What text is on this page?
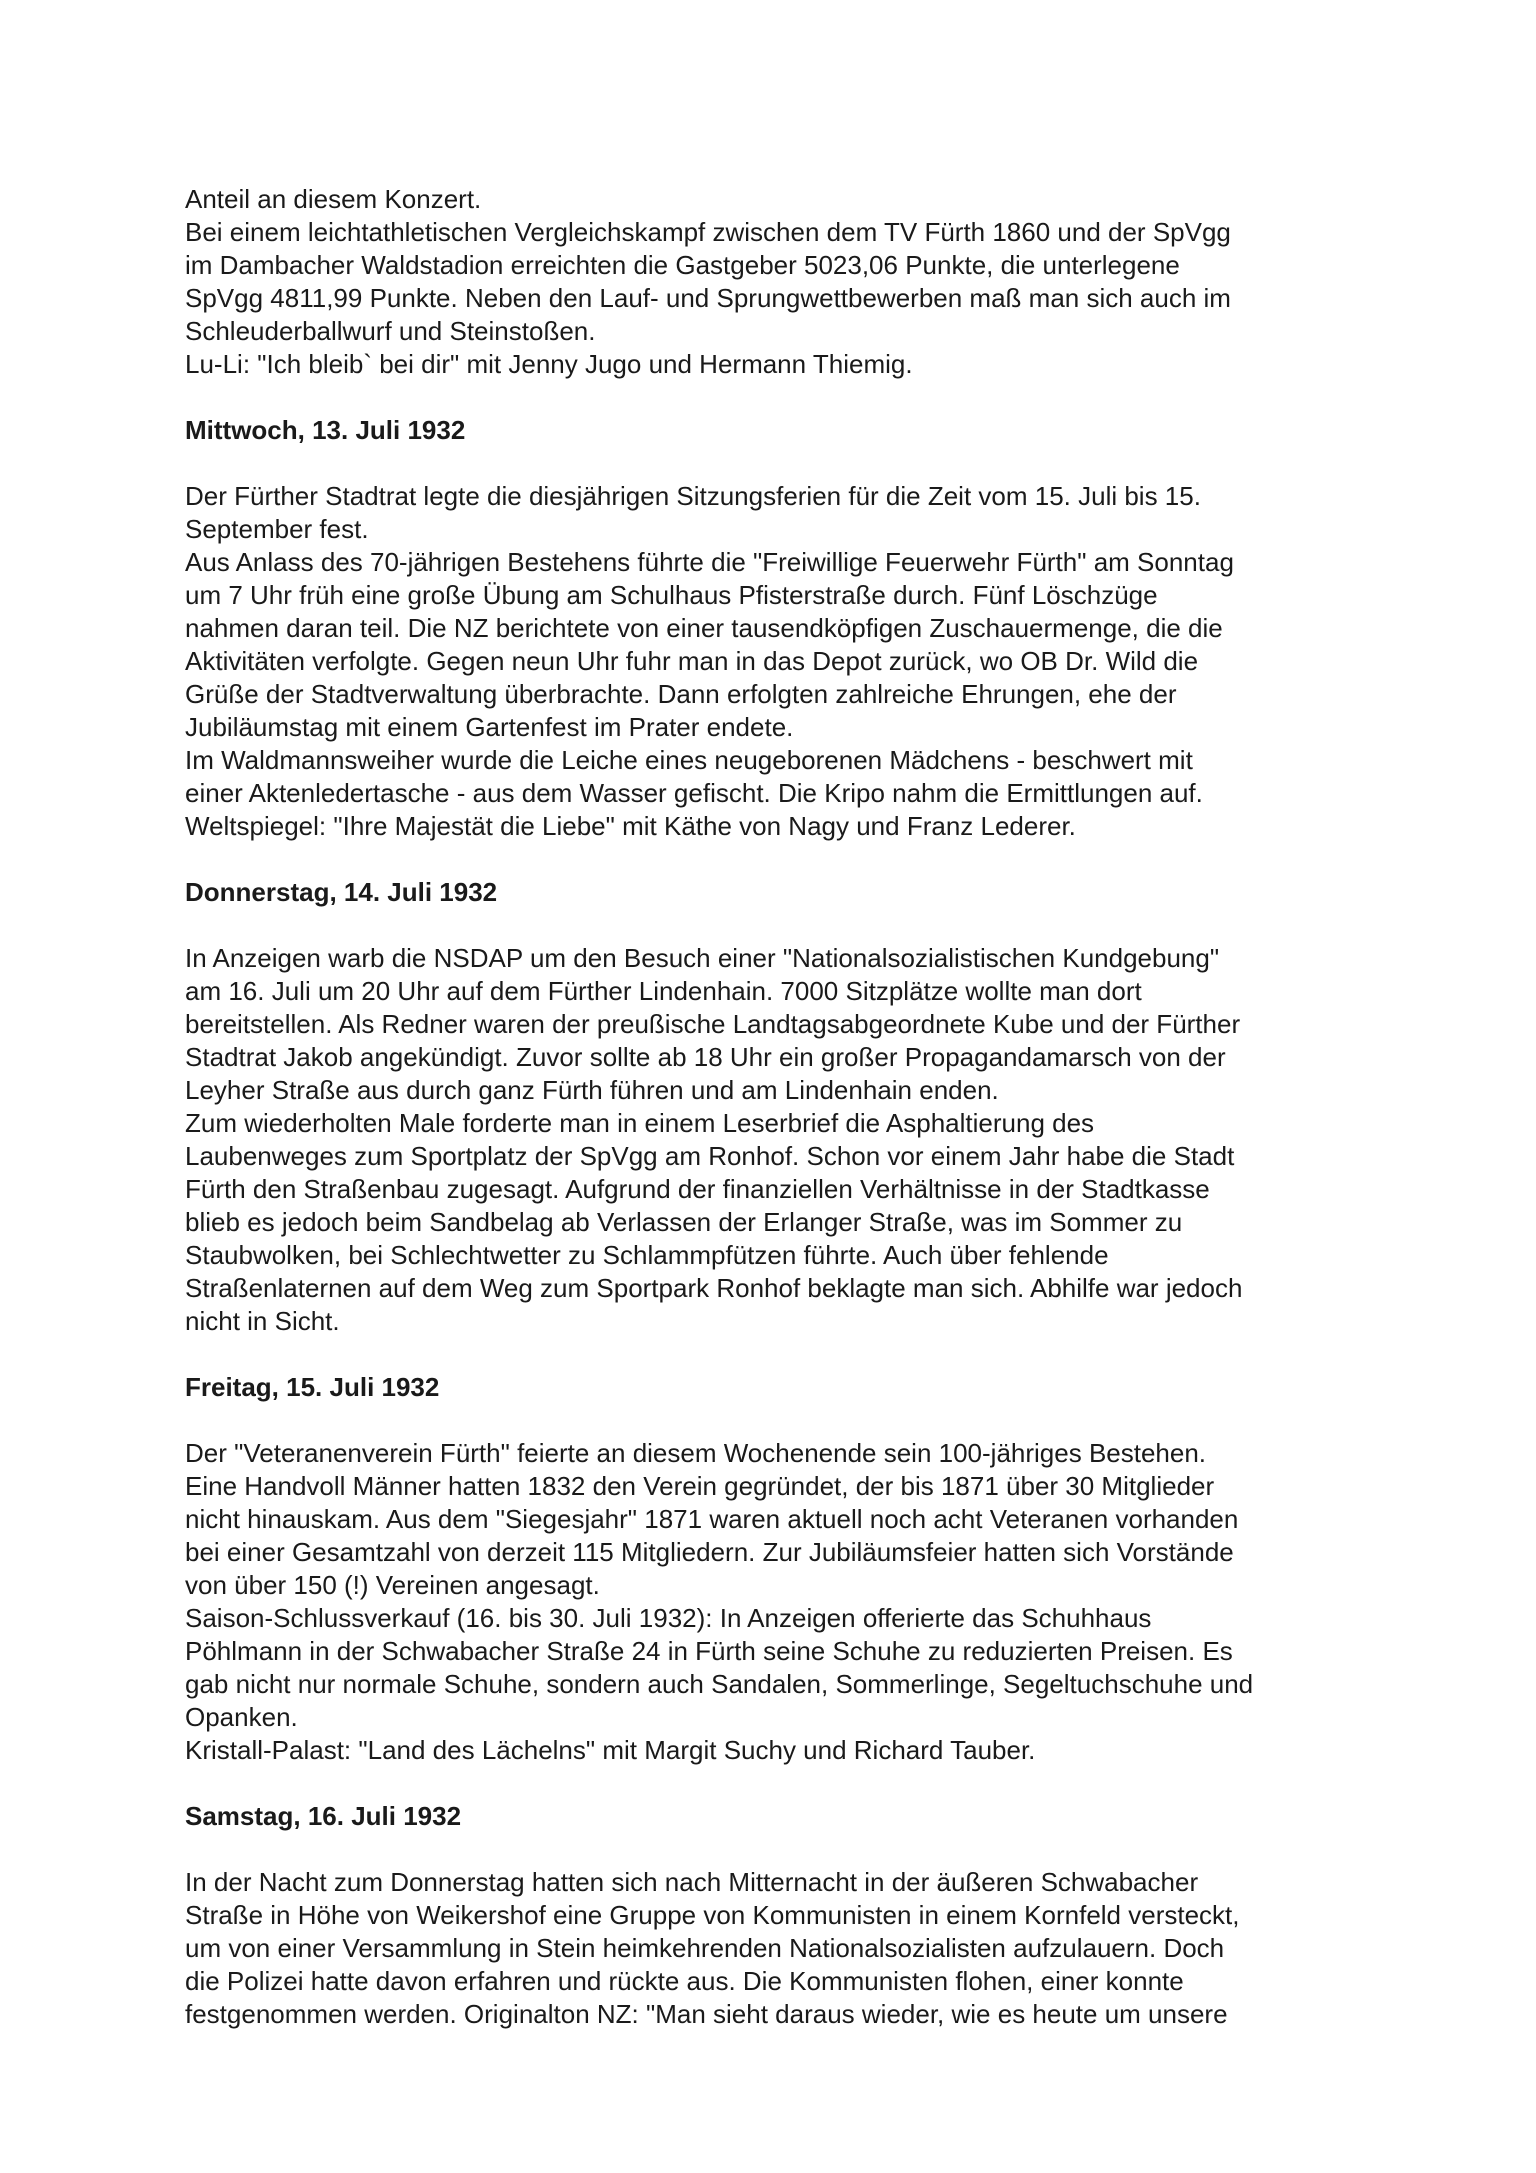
Anteil an diesem Konzert.
Bei einem leichtathletischen Vergleichskampf zwischen dem TV Fürth 1860 und der SpVgg
im Dambacher Waldstadion erreichten die Gastgeber 5023,06 Punkte, die unterlegene
SpVgg 4811,99 Punkte. Neben den Lauf- und Sprungwettbewerben maß man sich auch im
Schleuderballwurf und Steinstoßen.
Lu-Li: "Ich bleib` bei dir" mit Jenny Jugo und Hermann Thiemig.

Mittwoch, 13. Juli 1932

Der Fürther Stadtrat legte die diesjährigen Sitzungsferien für die Zeit vom 15. Juli bis 15.
September fest.
Aus Anlass des 70-jährigen Bestehens führte die "Freiwillige Feuerwehr Fürth" am Sonntag
um 7 Uhr früh eine große Übung am Schulhaus Pfisterstraße durch. Fünf Löschzüge
nahmen daran teil. Die NZ berichtete von einer tausendköpfigen Zuschauermenge, die die
Aktivitäten verfolgte. Gegen neun Uhr fuhr man in das Depot zurück, wo OB Dr. Wild die
Grüße der Stadtverwaltung überbrachte. Dann erfolgten zahlreiche Ehrungen, ehe der
Jubiläumstag mit einem Gartenfest im Prater endete.
Im Waldmannsweiher wurde die Leiche eines neugeborenen Mädchens - beschwert mit
einer Aktenledertasche - aus dem Wasser gefischt. Die Kripo nahm die Ermittlungen auf.
Weltspiegel: "Ihre Majestät die Liebe" mit Käthe von Nagy und Franz Lederer.

Donnerstag, 14. Juli 1932

In Anzeigen warb die NSDAP um den Besuch einer "Nationalsozialistischen Kundgebung"
am 16. Juli um 20 Uhr auf dem Fürther Lindenhain. 7000 Sitzplätze wollte man dort
bereitstellen. Als Redner waren der preußische Landtagsabgeordnete Kube und der Fürther
Stadtrat Jakob angekündigt. Zuvor sollte ab 18 Uhr ein großer Propagandamarsch von der
Leyher Straße aus durch ganz Fürth führen und am Lindenhain enden.
Zum wiederholten Male forderte man in einem Leserbrief die Asphaltierung des
Laubenweges zum Sportplatz der SpVgg am Ronhof. Schon vor einem Jahr habe die Stadt
Fürth den Straßenbau zugesagt. Aufgrund der finanziellen Verhältnisse in der Stadtkasse
blieb es jedoch beim Sandbelag ab Verlassen der Erlanger Straße, was im Sommer zu
Staubwolken, bei Schlechtwetter zu Schlammpfützen führte. Auch über fehlende
Straßenlaternen auf dem Weg zum Sportpark Ronhof beklagte man sich. Abhilfe war jedoch
nicht in Sicht.

Freitag, 15. Juli 1932

Der "Veteranenverein Fürth" feierte an diesem Wochenende sein 100-jähriges Bestehen.
Eine Handvoll Männer hatten 1832 den Verein gegründet, der bis 1871 über 30 Mitglieder
nicht hinauskam. Aus dem "Siegesjahr" 1871 waren aktuell noch acht Veteranen vorhanden
bei einer Gesamtzahl von derzeit 115 Mitgliedern. Zur Jubiläumsfeier hatten sich Vorstände
von über 150 (!) Vereinen angesagt.
Saison-Schlussverkauf (16. bis 30. Juli 1932): In Anzeigen offerierte das Schuhhaus
Pöhlmann in der Schwabacher Straße 24 in Fürth seine Schuhe zu reduzierten Preisen. Es
gab nicht nur normale Schuhe, sondern auch Sandalen, Sommerlinge, Segeltuchschuhe und
Opanken.
Kristall-Palast: "Land des Lächelns" mit Margit Suchy und Richard Tauber.

Samstag, 16. Juli 1932

In der Nacht zum Donnerstag hatten sich nach Mitternacht in der äußeren Schwabacher
Straße in Höhe von Weikershof eine Gruppe von Kommunisten in einem Kornfeld versteckt,
um von einer Versammlung in Stein heimkehrenden Nationalsozialisten aufzulauern. Doch
die Polizei hatte davon erfahren und rückte aus. Die Kommunisten flohen, einer konnte
festgenommen werden. Originalton NZ: "Man sieht daraus wieder, wie es heute um unsere
